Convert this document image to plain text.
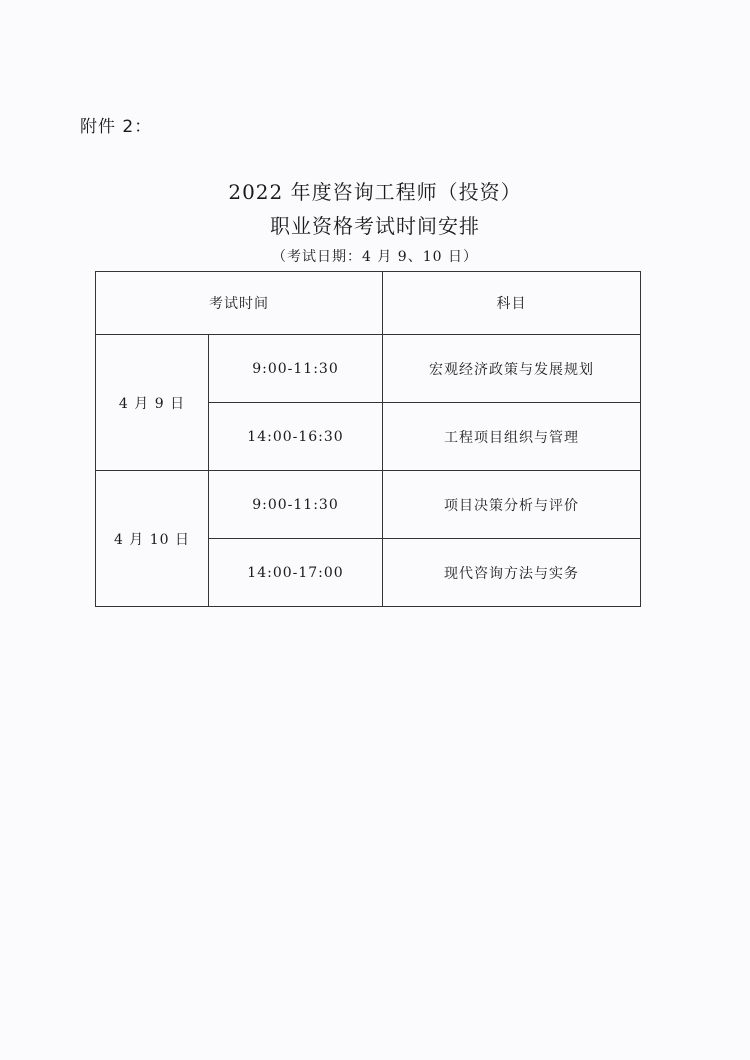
附件 2：
2022 年度咨询工程师（投资）
职业资格考试时间安排
（考试日期：4 月 9、10 日）
考试时间		科目
4 月 9 日	9:00-11:30	宏观经济政策与发展规划
	14:00-16:30	工程项目组织与管理
4 月 10 日	9:00-11:30	项目决策分析与评价
	14:00-17:00	现代咨询方法与实务
